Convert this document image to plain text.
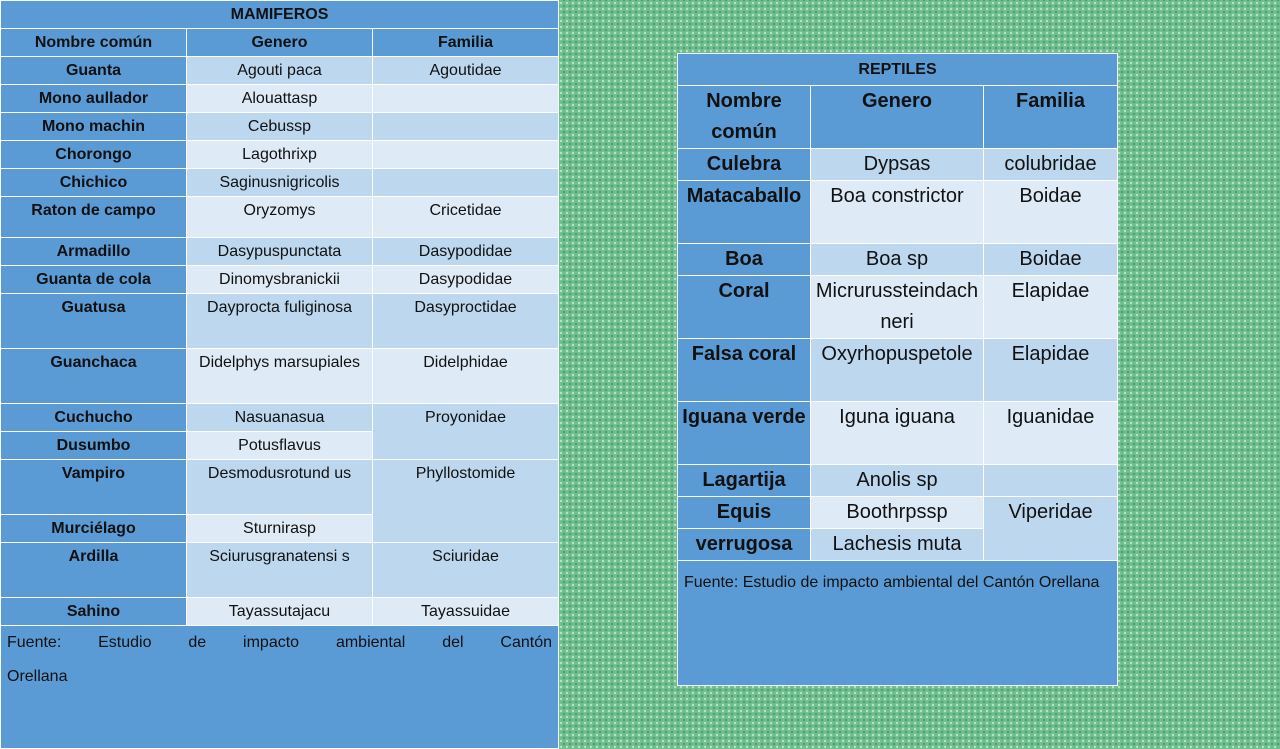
MAMIFEROS		
Nombre común	Genero	Familia
Guanta	Agouti paca	Agoutidae
Mono aullador	Alouattasp	
Mono machin	Cebussp	
Chorongo	Lagothrixp	
Chichico	Saginusnigricolis	
Raton de campo	Oryzomys	Cricetidae
Armadillo	Dasypuspunctata	Dasypodidae
Guanta de cola	Dinomysbranickii	Dasypodidae
Guatusa	Dayprocta fuliginosa	Dasyproctidae
Guanchaca	Didelphys marsupiales	Didelphidae
Cuchucho	Nasuanasua	Proyonidae
Dusumbo	Potusflavus	
Vampiro	Desmodusrotund us	Phyllostomide
Murciélago	Sturnirasp	
Ardilla	Sciurusgranatensi s	Sciuridae
Sahino	Tayassutajacu	Tayassuidae

Fuente: Estudio de impacto ambiental del Cantón
Orellana		
REPTILES		
Nombre común	Genero	Familia
Culebra	Dypsas	colubridae
Matacaballo	Boa constrictor	Boidae
Boa	Boa sp	Boidae
Coral	Micrurussteindachneri	Elapidae
Falsa coral	Oxyrhopuspetole	Elapidae
Iguana verde	Iguna iguana	Iguanidae
Lagartija	Anolis sp	
Equis	Boothrpssp	Viperidae
verrugosa	Lachesis muta	
Fuente: Estudio de impacto ambiental del Cantón Orellana		
